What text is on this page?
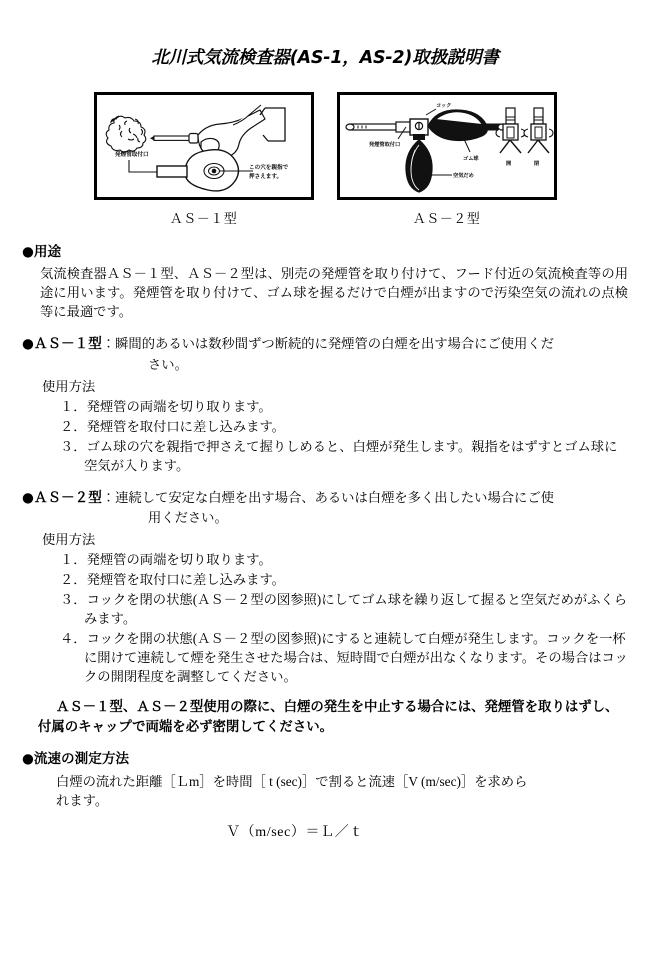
北川式気流検査器(AS-1，AS-2)取扱説明書
発煙管取付口
この穴を親指で
押さえます。
ＡＳ－１型
コック
発煙管取付口
ゴム球
空気だめ
開	閉
ＡＳ－２型
●用途
気流検査器ＡＳ－１型、ＡＳ－２型は、別売の発煙管を取り付けて、フード付近の気流検査等の用途に用います。発煙管を取り付けて、ゴム球を握るだけで白煙が出ますので汚染空気の流れの点検等に最適です。
●ＡＳ－１型：瞬間的あるいは数秒間ずつ断続的に発煙管の白煙を出す場合にご使用くだ
さい。
使用方法
１．発煙管の両端を切り取ります。
２．発煙管を取付口に差し込みます。
３．ゴム球の穴を親指で押さえて握りしめると、白煙が発生します。親指をはずすとゴム球に空気が入ります。
●ＡＳ－２型：連続して安定な白煙を出す場合、あるいは白煙を多く出したい場合にご使
用ください。
使用方法
１．発煙管の両端を切り取ります。
２．発煙管を取付口に差し込みます。
３．コックを閉の状態(ＡＳ－２型の図参照)にしてゴム球を繰り返して握ると空気だめがふくらみます。
４．コックを開の状態(ＡＳ－２型の図参照)にすると連続して白煙が発生します。コックを一杯に開けて連続して煙を発生させた場合は、短時間で白煙が出なくなります。その場合はコックの開閉程度を調整してください。
ＡＳ－１型、ＡＳ－２型使用の際に、白煙の発生を中止する場合には、発煙管を取りはずし、付属のキャップで両端を必ず密閉してください。
●流速の測定方法
白煙の流れた距離［Ｌm］を時間［ t (sec)］で割ると流速［V (m/sec)］を求めら
れます。
Ｖ（m/sec）＝Ｌ／ｔ
